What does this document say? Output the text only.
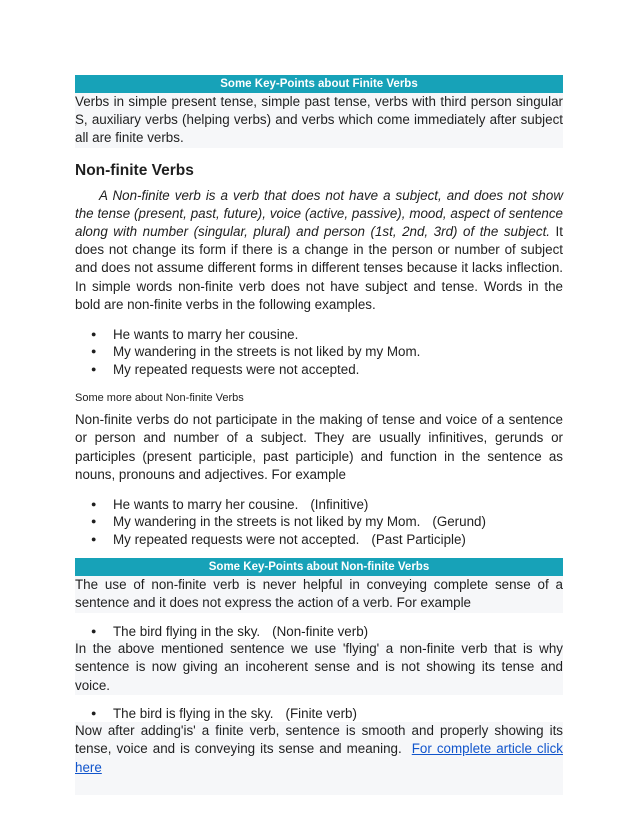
Some Key-Points about Finite Verbs

Verbs in simple present tense, simple past tense, verbs with third person singular S, auxiliary verbs (helping verbs) and verbs which come immediately after subject all are finite verbs.

Non-finite Verbs

A Non-finite verb is a verb that does not have a subject, and does not show the tense (present, past, future), voice (active, passive), mood, aspect of sentence along with number (singular, plural) and person (1st, 2nd, 3rd) of the subject. It does not change its form if there is a change in the person or number of subject and does not assume different forms in different tenses because it lacks inflection. In simple words non-finite verb does not have subject and tense. Words in the bold are non-finite verbs in the following examples.

● He wants to marry her cousine.
● My wandering in the streets is not liked by my Mom.
● My repeated requests were not accepted.
Some more about Non-finite Verbs

Non-finite verbs do not participate in the making of tense and voice of a sentence or person and number of a subject. They are usually infinitives, gerunds or participles (present participle, past participle) and function in the sentence as nouns, pronouns and adjectives. For example

● He wants to marry her cousine. (Infinitive)
● My wandering in the streets is not liked by my Mom. (Gerund)
● My repeated requests were not accepted. (Past Participle)
Some Key-Points about Non-finite Verbs

The use of non-finite verb is never helpful in conveying complete sense of a sentence and it does not express the action of a verb. For example

● The bird flying in the sky. (Non-finite verb)

In the above mentioned sentence we use 'flying' a non-finite verb that is why sentence is now giving an incoherent sense and is not showing its tense and voice.

● The bird is flying in the sky. (Finite verb)

Now after adding'is' a finite verb, sentence is smooth and properly showing its tense, voice and is conveying its sense and meaning. For complete article click here
